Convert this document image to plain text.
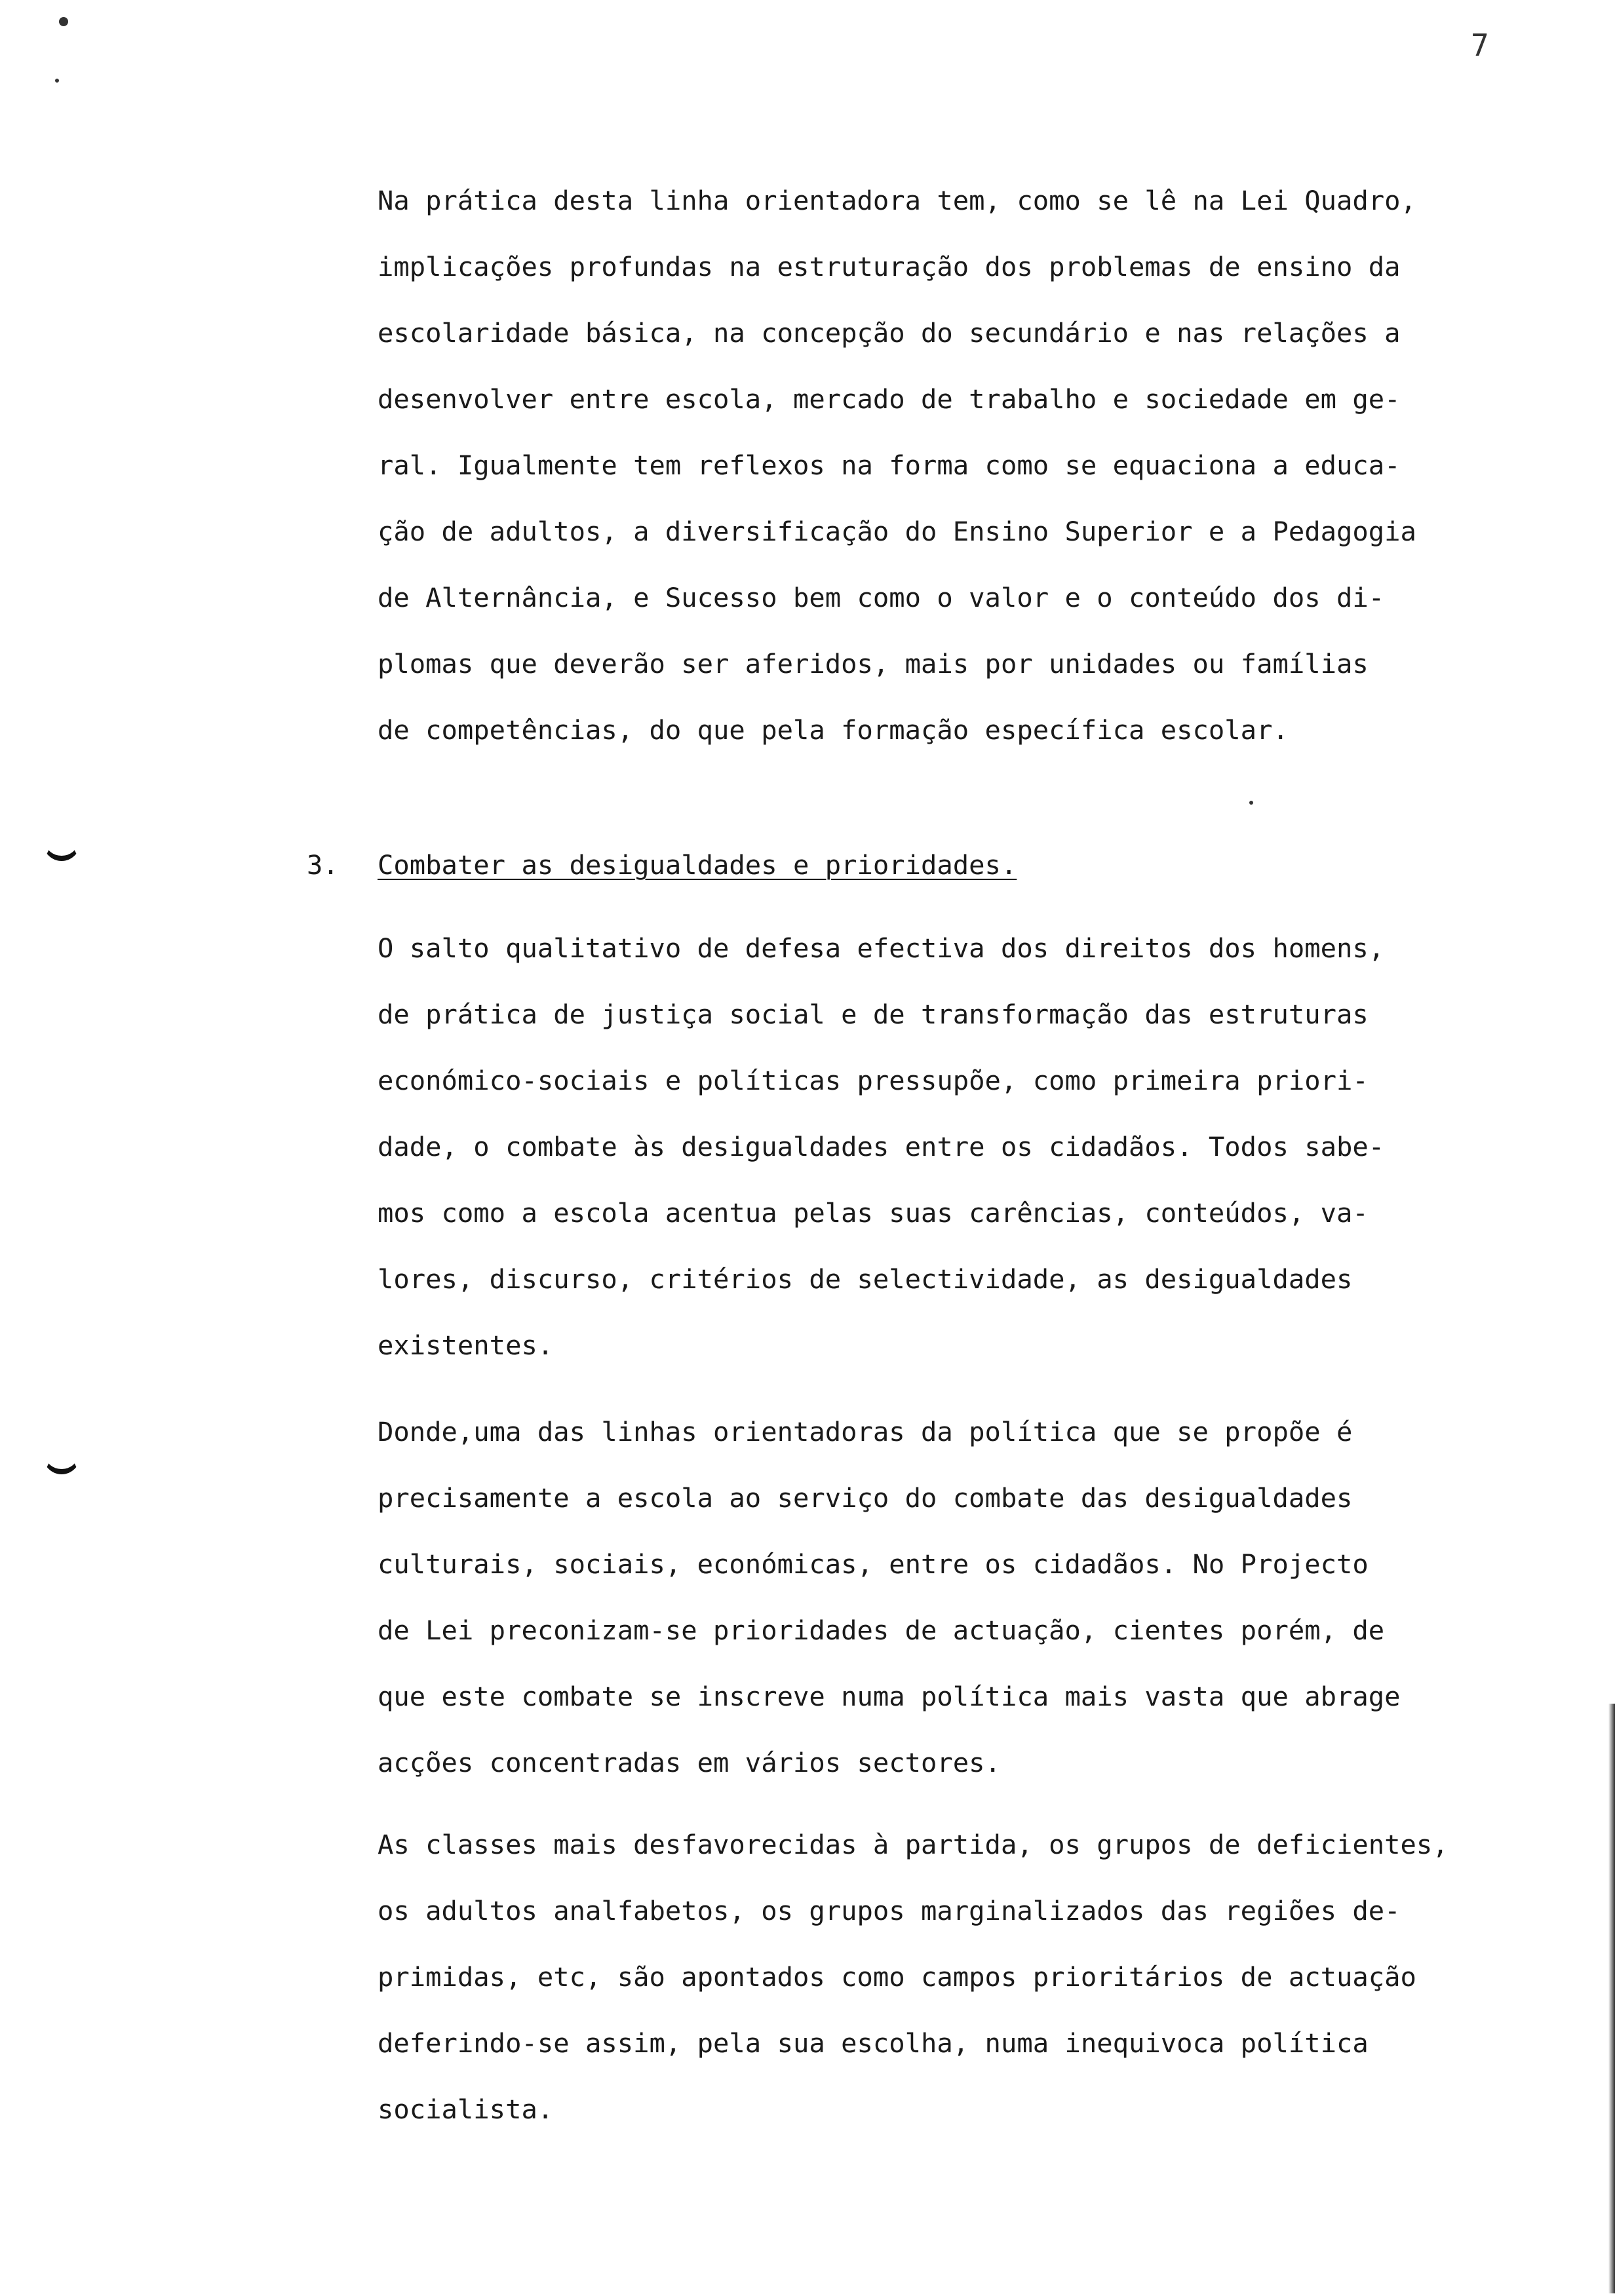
7
Na prática desta linha orientadora tem, como se lê na Lei Quadro,
implicações profundas na estruturação dos problemas de ensino da
escolaridade básica, na concepção do secundário e nas relações a
desenvolver entre escola, mercado de trabalho e sociedade em ge-
ral. Igualmente tem reflexos na forma como se equaciona a educa-
ção de adultos, a diversificação do Ensino Superior e a Pedagogia
de Alternância, e Sucesso bem como o valor e o conteúdo dos di-
plomas que deverão ser aferidos, mais por unidades ou famílias
de competências, do que pela formação específica escolar.
3. Combater as desigualdades e prioridades.
O salto qualitativo de defesa efectiva dos direitos dos homens,
de prática de justiça social e de transformação das estruturas
económico-sociais e políticas pressupõe, como primeira priori-
dade, o combate às desigualdades entre os cidadãos. Todos sabe-
mos como a escola acentua pelas suas carências, conteúdos, va-
lores, discurso, critérios de selectividade, as desigualdades
existentes.
Donde,uma das linhas orientadoras da política que se propõe é
precisamente a escola ao serviço do combate das desigualdades
culturais, sociais, económicas, entre os cidadãos. No Projecto
de Lei preconizam-se prioridades de actuação, cientes porém, de
que este combate se inscreve numa política mais vasta que abrage
acções concentradas em vários sectores.
As classes mais desfavorecidas à partida, os grupos de deficientes,
os adultos analfabetos, os grupos marginalizados das regiões de-
primidas, etc, são apontados como campos prioritários de actuação
deferindo-se assim, pela sua escolha, numa inequivoca política
socialista.
